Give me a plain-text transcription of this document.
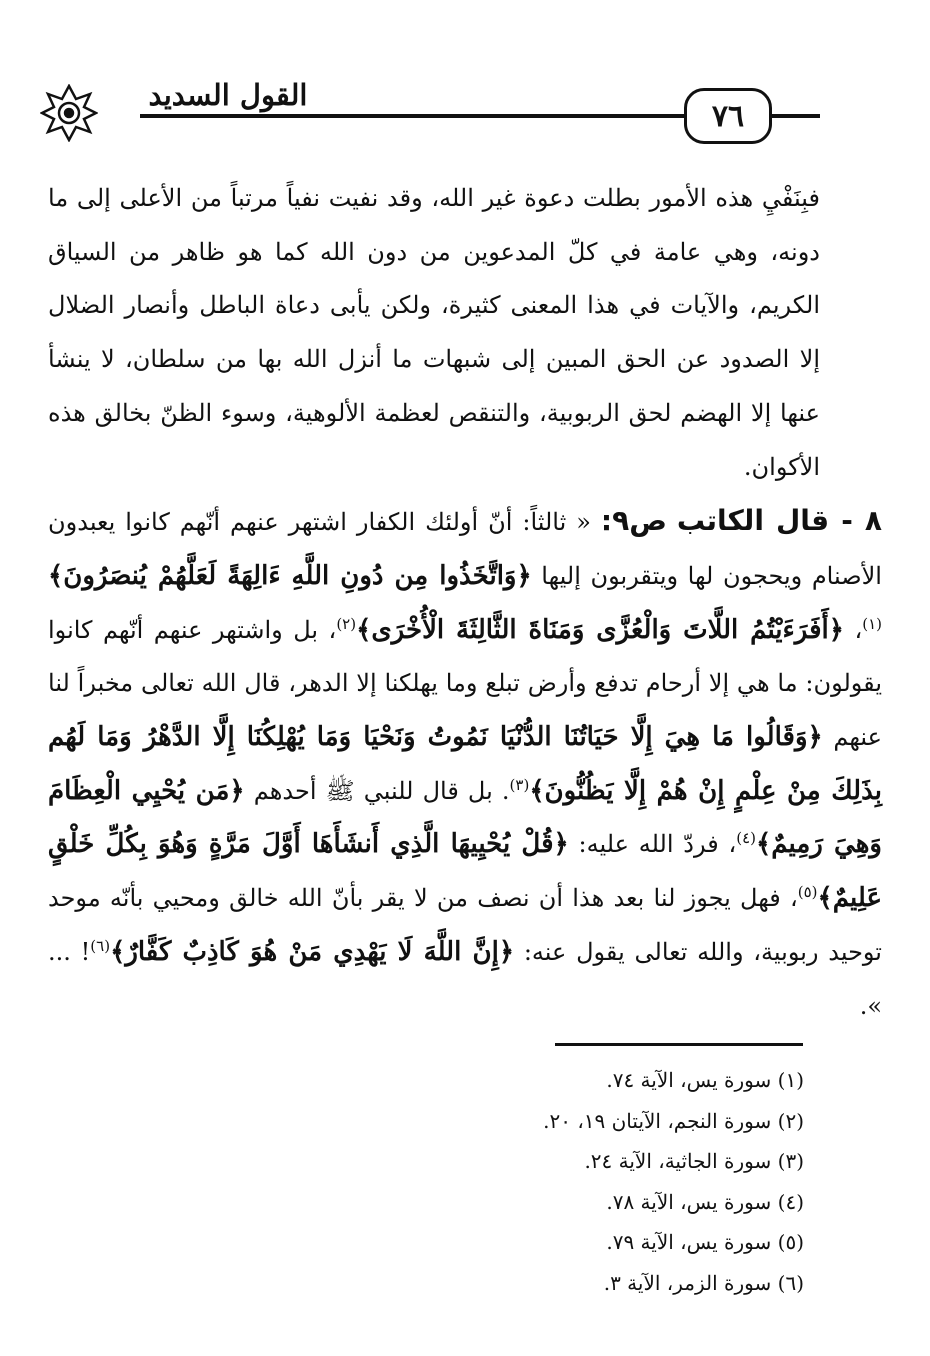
القول السديد
٧٦

فبِنَفْيِ هذه الأمور بطلت دعوة غير الله، وقد نفيت نفياً مرتباً من الأعلى إلى ما دونه، وهي عامة في كلّ المدعوين من دون الله كما هو ظاهر من السياق الكريم، والآيات في هذا المعنى كثيرة، ولكن يأبى دعاة الباطل وأنصار الضلال إلا الصدود عن الحق المبين إلى شبهات ما أنزل الله بها من سلطان، لا ينشأ عنها إلا الهضم لحق الربوبية، والتنقص لعظمة الألوهية، وسوء الظنّ بخالق هذه الأكوان.

٨ - قال الكاتب ص٩: « ثالثاً: أنّ أولئك الكفار اشتهر عنهم أنّهم كانوا يعبدون الأصنام ويحجون لها ويتقربون إليها ﴿وَاتَّخَذُوا مِن دُونِ اللَّهِ ءَالِهَةً لَعَلَّهُمْ يُنصَرُونَ﴾$^{(١)}$، ﴿أَفَرَءَيْتُمُ اللَّاتَ وَالْعُزَّى وَمَنَاةَ الثَّالِثَةَ الْأُخْرَى﴾$^{(٢)}$، بل واشتهر عنهم أنّهم كانوا يقولون: ما هي إلا أرحام تدفع وأرض تبلع وما يهلكنا إلا الدهر، قال الله تعالى مخبراً لنا عنهم ﴿وَقَالُوا مَا هِيَ إِلَّا حَيَاتُنَا الدُّنْيَا نَمُوتُ وَنَحْيَا وَمَا يُهْلِكُنَا إِلَّا الدَّهْرُ وَمَا لَهُم بِذَلِكَ مِنْ عِلْمٍ إِنْ هُمْ إِلَّا يَظُنُّونَ﴾$^{(٣)}$. بل قال للنبي ﷺ أحدهم ﴿مَن يُحْيِي الْعِظَامَ وَهِيَ رَمِيمٌ﴾$^{(٤)}$، فردّ الله عليه: ﴿قُلْ يُحْيِيهَا الَّذِي أَنشَأَهَا أَوَّلَ مَرَّةٍ وَهُوَ بِكُلِّ خَلْقٍ عَلِيمٌ﴾$^{(٥)}$، فهل يجوز لنا بعد هذا أن نصف من لا يقر بأنّ الله خالق ومحيي بأنّه موحد توحيد ربوبية، والله تعالى يقول عنه: ﴿إِنَّ اللَّهَ لَا يَهْدِي مَنْ هُوَ كَاذِبٌ كَفَّارٌ﴾$^{(٦)}$! ... ».

(١) سورة يس، الآية ٧٤.
(٢) سورة النجم، الآيتان ١٩، ٢٠.
(٣) سورة الجاثية، الآية ٢٤.
(٤) سورة يس، الآية ٧٨.
(٥) سورة يس، الآية ٧٩.
(٦) سورة الزمر، الآية ٣.
